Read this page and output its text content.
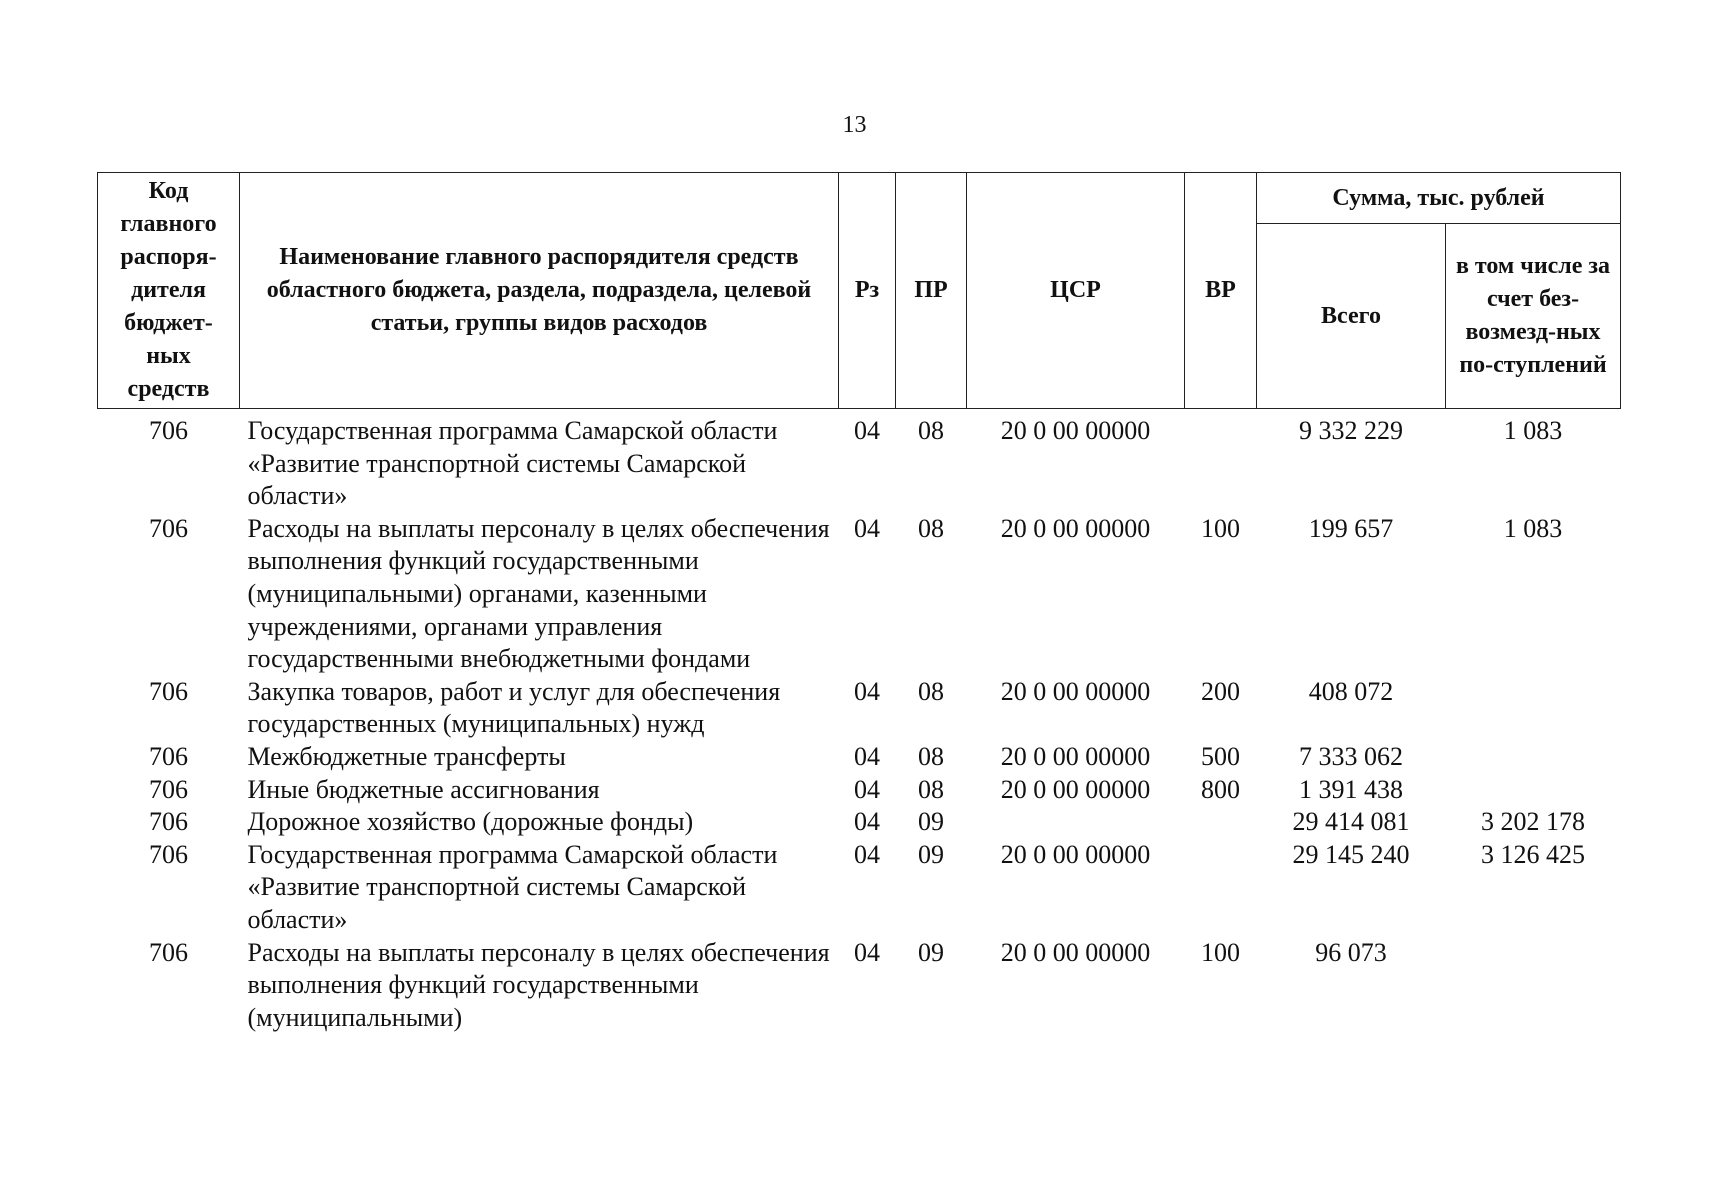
13
Код главного распоря-дителя бюджет-ных средств	Наименование главного распорядителя средств областного бюджета, раздела, подраздела, целевой статьи, группы видов расходов	Рз	ПР	ЦСР	ВР	Сумма, тыс. рублей	
						Всего	в том числе за счет без-возмезд-ных по-ступлений
706	Государственная программа Самарской области «Развитие транспортной системы Самарской области»	04	08	20 0 00 00000		9 332 229	1 083
706	Расходы на выплаты персоналу в целях обеспечения выполнения функций государственными (муниципальными) органами, казенными учреждениями, органами управления государственными внебюджетными фондами	04	08	20 0 00 00000	100	199 657	1 083
706	Закупка товаров, работ и услуг для обеспечения государственных (муниципальных) нужд	04	08	20 0 00 00000	200	408 072	
706	Межбюджетные трансферты	04	08	20 0 00 00000	500	7 333 062	
706	Иные бюджетные ассигнования	04	08	20 0 00 00000	800	1 391 438	
706	Дорожное хозяйство (дорожные фонды)	04	09			29 414 081	3 202 178
706	Государственная программа Самарской области «Развитие транспортной системы Самарской области»	04	09	20 0 00 00000		29 145 240	3 126 425
706	Расходы на выплаты персоналу в целях обеспечения выполнения функций государственными (муниципальными)	04	09	20 0 00 00000	100	96 073	
